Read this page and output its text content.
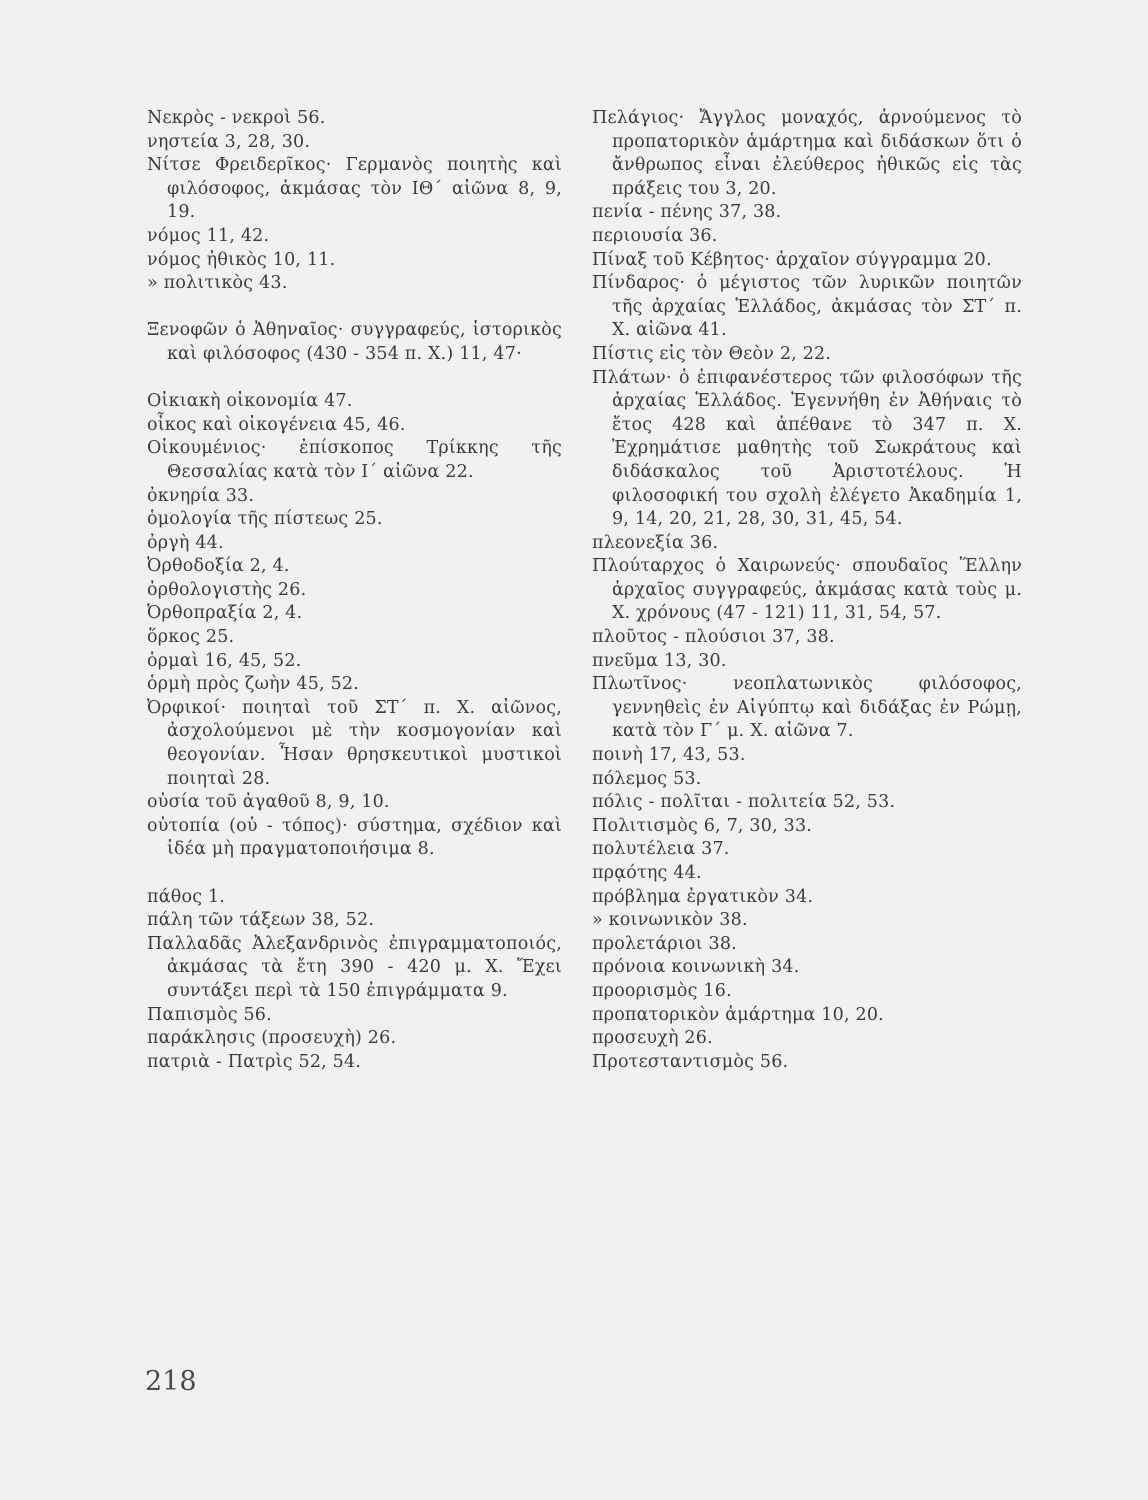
Νεκρὸς - νεκροὶ 56.
νηστεία 3, 28, 30.
Νίτσε Φρειδερῖκος· Γερμανὸς ποιητὴς καὶ φιλόσοφος, ἀκμάσας τὸν ΙΘ΄ αἰῶνα 8, 9, 19.
νόμος 11, 42.
νόμος ἠθικὸς 10, 11.
» πολιτικὸς 43.
Ξενοφῶν ὁ Ἀθηναῖος· συγγραφεύς, ἱστορικὸς καὶ φιλόσοφος (430 - 354 π. Χ.) 11, 47·
Οἰκιακὴ οἰκονομία 47.
οἶκος καὶ οἰκογένεια 45, 46.
Οἰκουμένιος· ἐπίσκοπος Τρίκκης τῆς Θεσσαλίας κατὰ τὸν Ι΄ αἰῶνα 22.
ὀκνηρία 33.
ὁμολογία τῆς πίστεως 25.
ὀργὴ 44.
Ὀρθοδοξία 2, 4.
ὀρθολογιστὴς 26.
Ὀρθοπραξία 2, 4.
ὅρκος 25.
ὁρμαὶ 16, 45, 52.
ὁρμὴ πρὸς ζωὴν 45, 52.
Ὀρφικοί· ποιηταὶ τοῦ ΣΤ΄ π. Χ. αἰῶνος, ἀσχολούμενοι μὲ τὴν κοσμογονίαν καὶ θεογονίαν. Ἦσαν θρησκευτικοὶ μυστικοὶ ποιηταὶ 28.
οὐσία τοῦ ἀγαθοῦ 8, 9, 10.
οὐτοπία (οὐ - τόπος)· σύστημα, σχέδιον καὶ ἰδέα μὴ πραγματοποιήσιμα 8.
πάθος 1.
πάλη τῶν τάξεων 38, 52.
Παλλαδᾶς Ἀλεξανδρινὸς ἐπιγραμματοποιός, ἀκμάσας τὰ ἔτη 390 - 420 μ. Χ. Ἔχει συντάξει περὶ τὰ 150 ἐπιγράμματα 9.
Παπισμὸς 56.
παράκλησις (προσευχὴ) 26.
πατριὰ - Πατρὶς 52, 54.
Πελάγιος· Ἄγγλος μοναχός, ἀρνούμενος τὸ προπατορικὸν ἁμάρτημα καὶ διδάσκων ὅτι ὁ ἄνθρωπος εἶναι ἐλεύθερος ἠθικῶς εἰς τὰς πράξεις του 3, 20.
πενία - πένης 37, 38.
περιουσία 36.
Πίναξ τοῦ Κέβητος· ἀρχαῖον σύγγραμμα 20.
Πίνδαρος· ὁ μέγιστος τῶν λυρικῶν ποιητῶν τῆς ἀρχαίας Ἑλλάδος, ἀκμάσας τὸν ΣΤ΄ π. Χ. αἰῶνα 41.
Πίστις εἰς τὸν Θεὸν 2, 22.
Πλάτων· ὁ ἐπιφανέστερος τῶν φιλοσόφων τῆς ἀρχαίας Ἑλλάδος. Ἐγεννήθη ἐν Ἀθήναις τὸ ἔτος 428 καὶ ἀπέθανε τὸ 347 π. Χ. Ἐχρημάτισε μαθητὴς τοῦ Σωκράτους καὶ διδάσκαλος τοῦ Ἀριστοτέλους. Ἡ φιλοσοφική του σχολὴ ἐλέγετο Ἀκαδημία 1, 9, 14, 20, 21, 28, 30, 31, 45, 54.
πλεονεξία 36.
Πλούταρχος ὁ Χαιρωνεύς· σπουδαῖος Ἕλλην ἀρχαῖος συγγραφεύς, ἀκμάσας κατὰ τοὺς μ. Χ. χρόνους (47 - 121) 11, 31, 54, 57.
πλοῦτος - πλούσιοι 37, 38.
πνεῦμα 13, 30.
Πλωτῖνος· νεοπλατωνικὸς φιλόσοφος, γεννηθεὶς ἐν Αἰγύπτῳ καὶ διδάξας ἐν Ρώμῃ, κατὰ τὸν Γ΄ μ. Χ. αἰῶνα 7.
ποινὴ 17, 43, 53.
πόλεμος 53.
πόλις - πολῖται - πολιτεία 52, 53.
Πολιτισμὸς 6, 7, 30, 33.
πολυτέλεια 37.
πρᾳότης 44.
πρόβλημα ἐργατικὸν 34.
» κοινωνικὸν 38.
προλετάριοι 38.
πρόνοια κοινωνικὴ 34.
προορισμὸς 16.
προπατορικὸν ἁμάρτημα 10, 20.
προσευχὴ 26.
Προτεσταντισμὸς 56.
218
